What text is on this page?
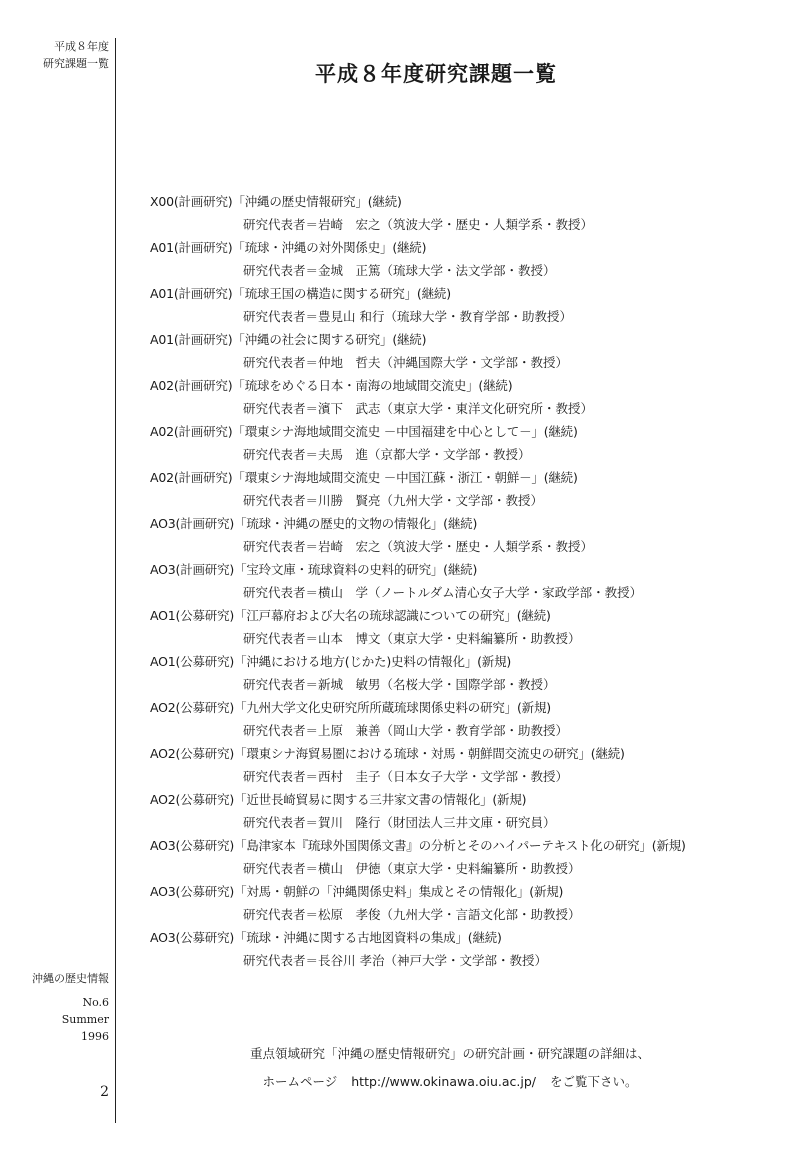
平成８年度
研究課題一覧
沖縄の歴史情報
No.6
Summer
1996
2
平成８年度研究課題一覧
X00(計画研究)「沖縄の歴史情報研究」(継続)
研究代表者＝岩崎　宏之（筑波大学・歴史・人類学系・教授）
A01(計画研究)「琉球・沖縄の対外関係史」(継続)
研究代表者＝金城　正篤（琉球大学・法文学部・教授）
A01(計画研究)「琉球王国の構造に関する研究」(継続)
研究代表者＝豊見山 和行（琉球大学・教育学部・助教授）
A01(計画研究)「沖縄の社会に関する研究」(継続)
研究代表者＝仲地　哲夫（沖縄国際大学・文学部・教授）
A02(計画研究)「琉球をめぐる日本・南海の地域間交流史」(継続)
研究代表者＝濱下　武志（東京大学・東洋文化研究所・教授）
A02(計画研究)「環東シナ海地域間交流史 －中国福建を中心として－」(継続)
研究代表者＝夫馬　進（京都大学・文学部・教授）
A02(計画研究)「環東シナ海地域間交流史 －中国江蘇・浙江・朝鮮－」(継続)
研究代表者＝川勝　賢亮（九州大学・文学部・教授）
AO3(計画研究)「琉球・沖縄の歴史的文物の情報化」(継続)
研究代表者＝岩崎　宏之（筑波大学・歴史・人類学系・教授）
AO3(計画研究)「宝玲文庫・琉球資料の史料的研究」(継続)
研究代表者＝横山　学（ノートルダム清心女子大学・家政学部・教授）
AO1(公募研究)「江戸幕府および大名の琉球認識についての研究」(継続)
研究代表者＝山本　博文（東京大学・史料編纂所・助教授）
AO1(公募研究)「沖縄における地方(じかた)史料の情報化」(新規)
研究代表者＝新城　敏男（名桜大学・国際学部・教授）
AO2(公募研究)「九州大学文化史研究所所蔵琉球関係史料の研究」(新規)
研究代表者＝上原　兼善（岡山大学・教育学部・助教授）
AO2(公募研究)「環東シナ海貿易圏における琉球・対馬・朝鮮間交流史の研究」(継続)
研究代表者＝西村　圭子（日本女子大学・文学部・教授）
AO2(公募研究)「近世長崎貿易に関する三井家文書の情報化」(新規)
研究代表者＝賀川　隆行（財団法人三井文庫・研究員）
AO3(公募研究)「島津家本『琉球外国関係文書』の分析とそのハイパーテキスト化の研究」(新規)
研究代表者＝横山　伊徳（東京大学・史料編纂所・助教授）
AO3(公募研究)「対馬・朝鮮の「沖縄関係史料」集成とその情報化」(新規)
研究代表者＝松原　孝俊（九州大学・言語文化部・助教授）
AO3(公募研究)「琉球・沖縄に関する古地図資料の集成」(継続)
研究代表者＝長谷川 孝治（神戸大学・文学部・教授）
重点領域研究「沖縄の歴史情報研究」の研究計画・研究課題の詳細は、
ホームページ http://www.okinawa.oiu.ac.jp/ をご覧下さい。
